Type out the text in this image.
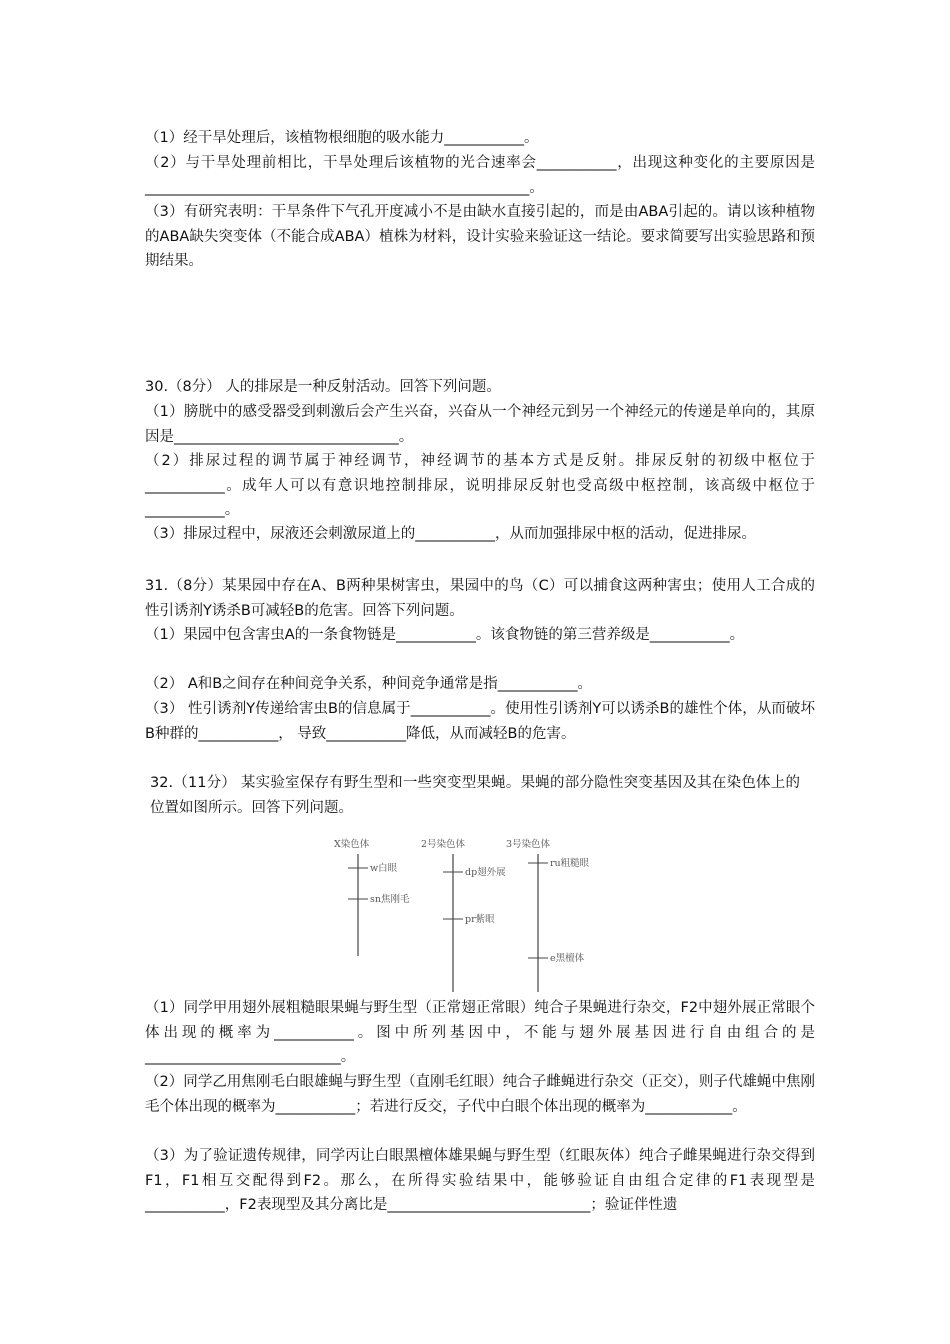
（1）经干旱处理后，该植物根细胞的吸水能力___________。
（2）与干旱处理前相比，干旱处理后该植物的光合速率会___________，出现这种变化的主要原因是_____________________________________________________。
（3）有研究表明：干旱条件下气孔开度减小不是由缺水直接引起的，而是由ABA引起的。请以该种植物的ABA缺失突变体（不能合成ABA）植株为材料，设计实验来验证这一结论。要求简要写出实验思路和预期结果。
30.（8分） 人的排尿是一种反射活动。回答下列问题。
（1）膀胱中的感受器受到刺激后会产生兴奋，兴奋从一个神经元到另一个神经元的传递是单向的，其原因是_______________________________。
（2）排尿过程的调节属于神经调节，神经调节的基本方式是反射。排尿反射的初级中枢位于___________。成年人可以有意识地控制排尿，说明排尿反射也受高级中枢控制，该高级中枢位于___________。
（3）排尿过程中，尿液还会刺激尿道上的___________，从而加强排尿中枢的活动，促进排尿。
31.（8分）某果园中存在A、B两种果树害虫，果园中的鸟（C）可以捕食这两种害虫；使用人工合成的性引诱剂Y诱杀B可减轻B的危害。回答下列问题。
（1）果园中包含害虫A的一条食物链是___________。该食物链的第三营养级是___________。
（2） A和B之间存在种间竞争关系，种间竞争通常是指___________。
（3） 性引诱剂Y传递给害虫B的信息属于___________。使用性引诱剂Y可以诱杀B的雄性个体，从而破坏B种群的___________， 导致___________降低，从而减轻B的危害。
32.（11分） 某实验室保存有野生型和一些突变型果蝇。果蝇的部分隐性突变基因及其在染色体上的位置如图所示。回答下列问题。
X染色体	2号染色体	3号染色体
w白眼
sn焦刚毛
dp翅外展
pr紫眼
ru粗糙眼
e黑檀体
（1）同学甲用翅外展粗糙眼果蝇与野生型（正常翅正常眼）纯合子果蝇进行杂交，F2中翅外展正常眼个体出现的概率为___________。图中所列基因中，不能与翅外展基因进行自由组合的是___________________________。
（2）同学乙用焦刚毛白眼雄蝇与野生型（直刚毛红眼）纯合子雌蝇进行杂交（正交），则子代雄蝇中焦刚毛个体出现的概率为___________；若进行反交，子代中白眼个体出现的概率为____________。
（3）为了验证遗传规律，同学丙让白眼黑檀体雄果蝇与野生型（红眼灰体）纯合子雌果蝇进行杂交得到F1，F1相互交配得到F2。那么，在所得实验结果中，能够验证自由组合定律的F1表现型是___________，F2表现型及其分离比是____________________________；验证伴性遗
